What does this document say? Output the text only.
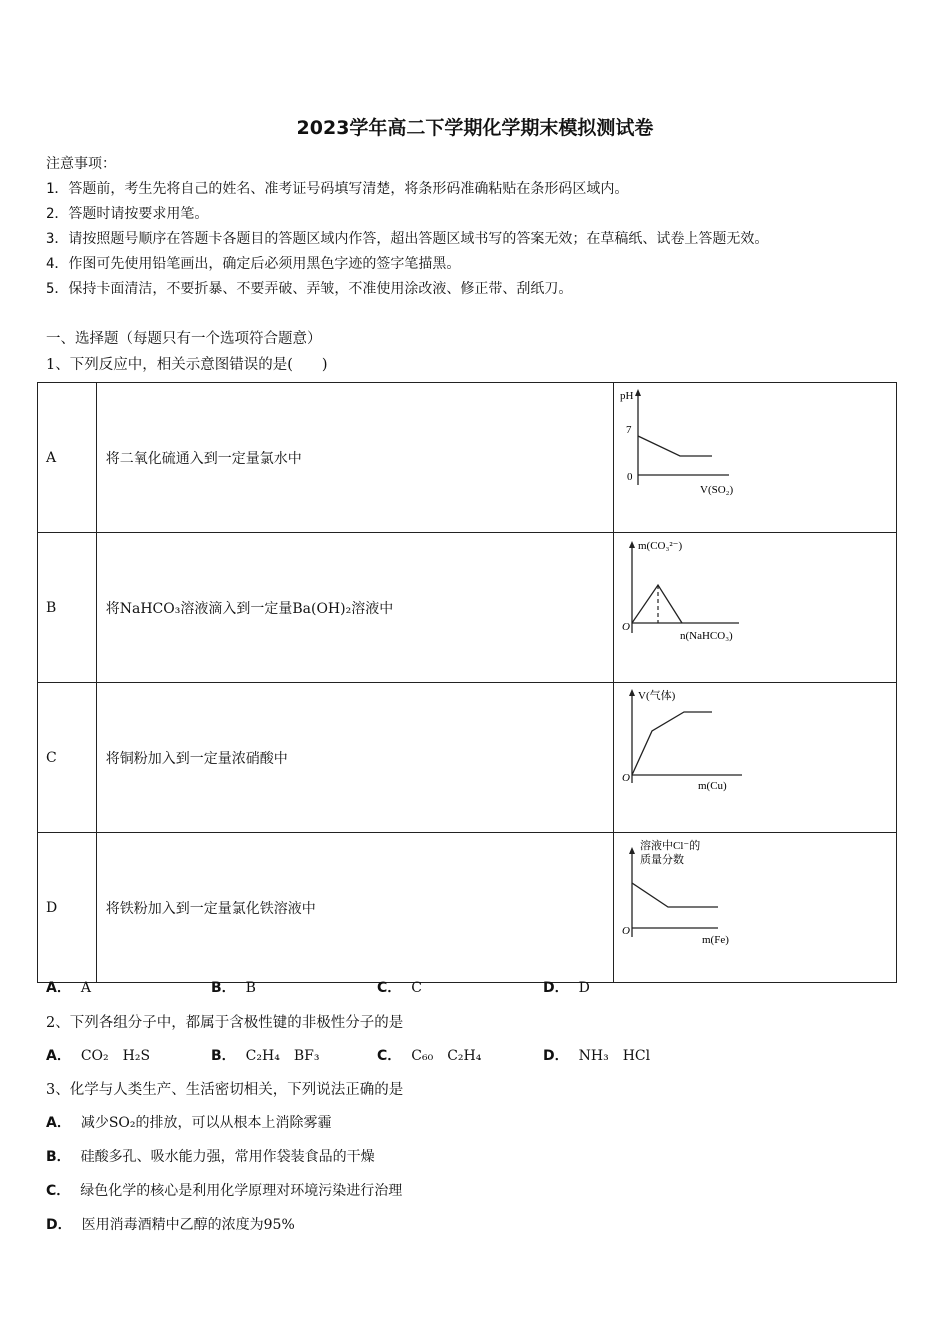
2023学年高二下学期化学期末模拟测试卷
注意事项：
1．答题前，考生先将自己的姓名、准考证号码填写清楚，将条形码准确粘贴在条形码区域内。
2．答题时请按要求用笔。
3．请按照题号顺序在答题卡各题目的答题区域内作答，超出答题区域书写的答案无效；在草稿纸、试卷上答题无效。
4．作图可先使用铅笔画出，确定后必须用黑色字迹的签字笔描黑。
5．保持卡面清洁，不要折暴、不要弄破、弄皱，不准使用涂改液、修正带、刮纸刀。
一、选择题（每题只有一个选项符合题意）
1、下列反应中，相关示意图错误的是(　　)
A	将二氧化硫通入到一定量氯水中	pH
7
0
V(SO₂)

B	将NaHCO₃溶液滴入到一定量Ba(OH)₂溶液中	m(CO₃²⁻)
O
n(NaHCO₃)

C	将铜粉加入到一定量浓硝酸中	V(气体)
O
m(Cu)

D	将铁粉加入到一定量氯化铁溶液中	溶液中Cl⁻的
质量分数
O
m(Fe)
A． A	B． B	C． C	D． D
2、下列各组分子中，都属于含极性键的非极性分子的是
A． CO₂　H₂S	B． C₂H₄　BF₃	C． C₆₀　C₂H₄	D． NH₃　HCl
3、化学与人类生产、生活密切相关，下列说法正确的是
A． 减少SO₂的排放，可以从根本上消除雾霾
B． 硅酸多孔、吸水能力强，常用作袋装食品的干燥
C． 绿色化学的核心是利用化学原理对环境污染进行治理
D． 医用消毒酒精中乙醇的浓度为95%
